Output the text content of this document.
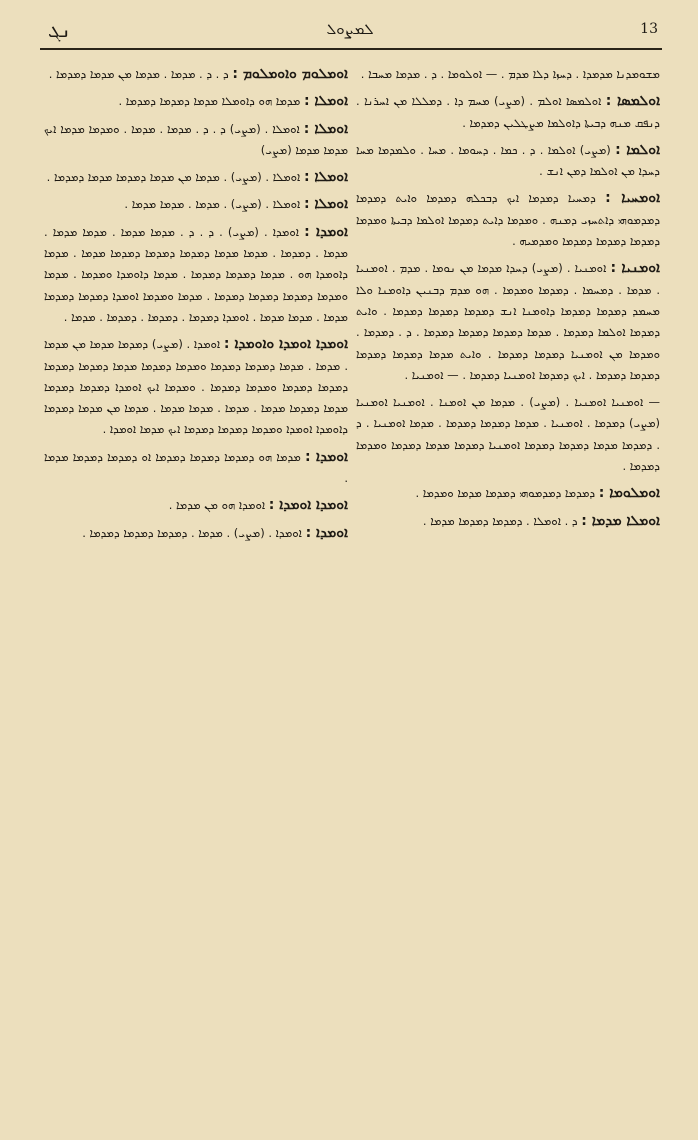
ܢܓ	ܠܡܨܘܠ	13

ܡܫܘܡܕܢܐ ܡܕܡܕܐ . ܕܚܙܐ ܕܠܐ ܡܕܡ . — ܐܘܠܘܡܐ . ܕ . ܡܕܡܐ ܡܚܒܐ .

ܐܘܠܡܣܐ : ܐܘܠܡܣܐ ܐܘܠܡ . (ܡܨܝ) ܡܚܡ ܕܐ . ܕܡܠܠܐ ܡܢ ܐܚܪܢܐ . ܕܢܦܩ ܡܢܗ ܕܒܝܬܐ ܕܐܘܠܡܐ ܡܨܛܠܝܢ ܕܡܕܡܐ .

ܐܘܠܡܐ : (ܡܨܝ) ܐܘܠܡܐ . ܕ . ܟܡܐ . ܕܚܘܡܐ . ܡܚܐ . ܘܠܡܕܡܐ ܡܚܐ ܕܚܕܐ ܡܢ ܐܘܠܡܐ ܕܡܢ ܐܢܫ .

ܐܘܡܚܝܐ : ܕܡܚܝܐ ܕܡܕܡܐ ܐܝܟ ܕܒܟܠܗ ܕܡܕܡܐ ܘܐܝܬ ܕܡܕܡܐ ܕܡܕܡܘܗܝ ܕܐܬܚܙܝ ܕܡܢܗ . ܘܡܕܡܐ ܕܐܝܬ ܕܡܕܡܐ ܐܘܠܡܐ ܕܒܝܬܐ ܘܡܕܡܐ ܕܡܕܡܐ ܕܡܕܡܐ ܕܡܕܡܐ ܘܡܕܡܝܗ .

ܐܘܡܢܝܐ : ܐܘܡܢܝܐ . (ܡܨܝ) ܕܚܕܐ ܡܕܡܐ ܡܢ ܢܘܡܐ . ܡܕܡ . ܐܘܡܢܝܐ . ܡܕܡܐ . ܕܡܚܡܐ . ܕܡܕܡܐ ܘܡܕܡܐ . ܗܘ ܡܕܡ ܕܒܢܝܢ ܕܐܘܡܢܐ ܘܠܐ ܡܚܡܕ ܕܡܕܡܐ ܕܡܕܡܐ ܕܐܘܡܢܐ ܐܢܫ ܕܡܕܡܐ ܕܡܕܡܐ ܕܡܕܡܐ . ܘܐܝܬ ܕܡܕܡܐ ܐܘܠܡܐ ܕܡܕܡܐ . ܡܕܡܐ ܕܡܕܡܐ ܕܡܕܡܐ ܕܡܕܡܐ . ܕ . ܕܡܕܡܐ . ܘܡܕܡܐ ܡܢ ܐܘܡܢܝܐ ܕܡܕܡܐ ܕܡܕܡܐ . ܘܐܝܬ ܡܕܡܐ ܕܡܕܡܐ ܕܡܕܡܐ ܕܡܕܡܐ ܕܡܕܡܐ . ܐܝܟ ܕܡܕܡܐ ܐܘܡܢܝܐ ܕܡܕܡܐ . — ܐܘܡܢܝܐ .

— ܐܘܡܢܝܐ ܐܘܡܢܝܐ . (ܡܨܝ) . ܡܕܡܐ ܡܢ ܐܘܡܢܐ . ܐܘܡܢܝܐ ܐܘܡܢܝܐ (ܡܨܝ) ܕܡܕܡܐ . ܐܘܡܢܝܐ . ܡܕܡܐ ܕܡܕܡܐ ܕܡܕܡܐ . ܡܕܡܐ ܐܘܡܢܝܐ . ܕ . ܕܡܕܡܐ ܡܕܡܐ ܕܡܕܡܐ ܕܡܕܡܐ ܐܘܡܢܝܐ ܕܡܕܡܐ ܡܕܡܐ ܕܡܕܡܐ ܘܡܕܡܐ ܕܡܕܡܐ .

ܐܘܡܠܘܡܐ : ܕܡܕܡܐ ܕܡܕܡܘܗܝ ܕܡܕܡܐ ܡܕܡܐ ܘܡܕܡܐ .

ܐܘܡܠܐ ܡܕܡܐ : ܕ . ܐܘܡܠܐ . ܕܡܕܡܐ ܕܡܕܡܐ ܡܕܡܐ .

ܐܘܡܠܘܡ ܘܐܘܡܠܘܡ : ܕ . ܕ . ܡܕܡܐ . ܡܕܡܐ ܡܢ ܡܕܡܐ ܕܡܕܡܐ .

ܐܘܡܠܐ : ܡܕܡܐ ܗܘ ܕܐܘܡܠܐ ܡܕܡܐ ܕܡܕܡܐ ܕܡܕܡܐ .

ܐܘܡܠܐ : ܐܘܡܠܐ . (ܡܨܝ) ܕ . ܕ . ܡܕܡܐ . ܡܕܡܐ . ܘܡܕܡܐ ܡܕܡܐ ܐܝܟ ܡܕܡܐ ܡܕܡܐ (ܡܨܝ)

ܐܘܡܠܐ : ܐܘܡܠܐ . (ܡܨܝ) . ܡܕܡܐ ܡܢ ܡܕܡܐ ܕܡܕܡܐ ܡܕܡܐ ܕܡܕܡܐ .

ܐܘܡܠܐ : ܐܘܡܠܐ . (ܡܨܝ) . ܡܕܡܐ . ܡܕܡܐ ܡܕܡܐ .

ܐܘܡܕܐ : ܐܘܡܕܐ . (ܡܨܝ) . ܕ . ܕ . ܡܕܡܐ ܡܕܡܐ . ܡܕܡܐ ܡܕܡܐ . ܡܕܡܐ . ܕܡܕܡܐ . ܡܕܡܐ ܡܕܡܐ ܕܡܕܡܐ ܕܡܕܡܐ ܕܡܕܡܐ ܡܕܡܐ . ܡܕܡܐ ܕܐܘܡܕܐ ܗܘ . ܡܕܡܐ ܕܡܕܡܐ ܕܡܕܡܐ . ܡܕܡܐ ܕܐܘܡܕܐ ܘܡܕܡܐ . ܡܕܡܐ ܘܡܕܡܐ ܕܡܕܡܐ ܕܡܕܡܐ ܕܡܕܡܐ . ܡܕܡܐ ܘܡܕܡܐ ܐܘܡܕܐ ܕܡܕܡܐ ܕܡܕܡܐ ܡܕܡܐ . ܡܕܡܐ ܡܕܡܐ . ܐܘܡܕܐ ܕܡܕܡܐ . ܕܡܕܡܐ . ܕܡܕܡܐ . ܡܕܡܐ .

ܐܘܡܕܐ ܐܘܡܕܐ ܘܐܘܡܕܐ : ܐܘܡܕܐ . (ܡܨܝ) ܕܡܕܡܐ ܡܕܡܐ ܡܢ ܡܕܡܐ . ܡܕܡܐ . ܡܕܡܐ ܕܡܕܡܐ ܕܡܕܡܐ ܘܡܕܡܐ ܕܡܕܡܐ ܡܕܡܐ ܕܡܕܡܐ ܕܡܕܡܐ ܕܡܕܡܐ ܕܡܕܡܐ ܘܡܕܡܐ ܕܡܕܡܐ . ܘܡܕܡܐ ܐܝܟ ܐܘܡܕܐ ܕܡܕܡܐ ܕܡܕܡܐ ܡܕܡܐ ܕܡܕܡܐ ܡܕܡܐ . ܡܕܡܐ . ܡܕܡܐ ܡܕܡܐ . ܡܕܡܐ ܡܢ ܡܕܡܐ ܕܡܕܡܐ ܕܐܘܡܕܐ ܐܘܡܕܐ ܘܡܕܡܐ ܕܡܕܡܐ ܕܡܕܡܐ ܐܝܟ ܡܕܡܐ ܐܘܡܕܐ .

ܐܘܡܕܐ : ܡܕܡܐ ܗܘ ܕܡܕܡܐ ܕܡܕܡܐ ܕܡܕܡܐ ܐܘ ܕܡܕܡܐ ܕܡܕܡܐ ܡܕܡܐ .

ܐܘܡܕܐ ܐܘܡܕܐ : ܐܘܡܕܐ ܗܘ ܡܢ ܡܕܡܐ .

ܐܘܡܕܐ : ܐܘܡܕܐ . (ܡܨܝ) . ܡܕܡܐ . ܕܡܕܡܐ ܕܡܕܡܐ ܕܡܕܡܐ .
